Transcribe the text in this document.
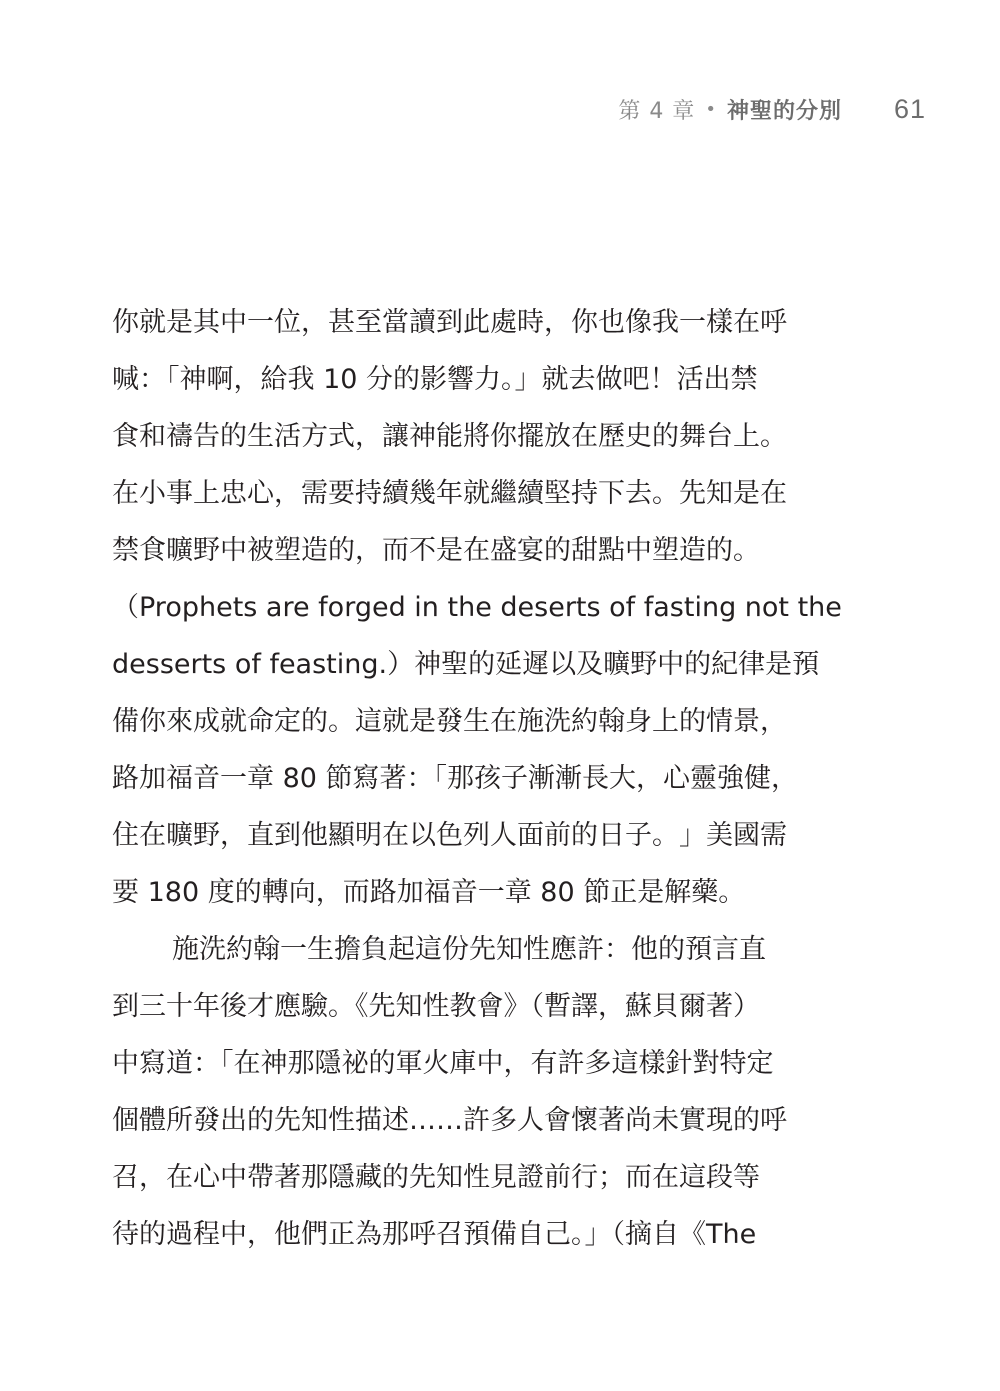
第 4 章 • 神聖的分別 61
你就是其中一位，甚至當讀到此處時，你也像我一樣在呼
喊：「神啊，給我 10 分的影響力。」就去做吧！活出禁
食和禱告的生活方式，讓神能將你擺放在歷史的舞台上。
在小事上忠心，需要持續幾年就繼續堅持下去。先知是在
禁食曠野中被塑造的，而不是在盛宴的甜點中塑造的。
（Prophets are forged in the deserts of fasting not the
desserts of feasting.）神聖的延遲以及曠野中的紀律是預
備你來成就命定的。這就是發生在施洗約翰身上的情景，
路加福音一章 80 節寫著：「 那孩子漸漸長大，心靈強健，
住在曠野，直到他顯明在以色列人面前的日子。 」美國需
要 180 度的轉向，而路加福音一章 80 節正是解藥。
施洗約翰一生擔負起這份先知性應許：他的預言直
到三十年後才應驗。《先知性教會》（暫譯，蘇貝爾著）
中寫道：「在神那隱祕的軍火庫中，有許多這樣針對特定
個體所發出的先知性描述……許多人會懷著尚未實現的呼
召，在心中帶著那隱藏的先知性見證前行；而在這段等
待的過程中，他們正為那呼召預備自己。」（摘自《The
